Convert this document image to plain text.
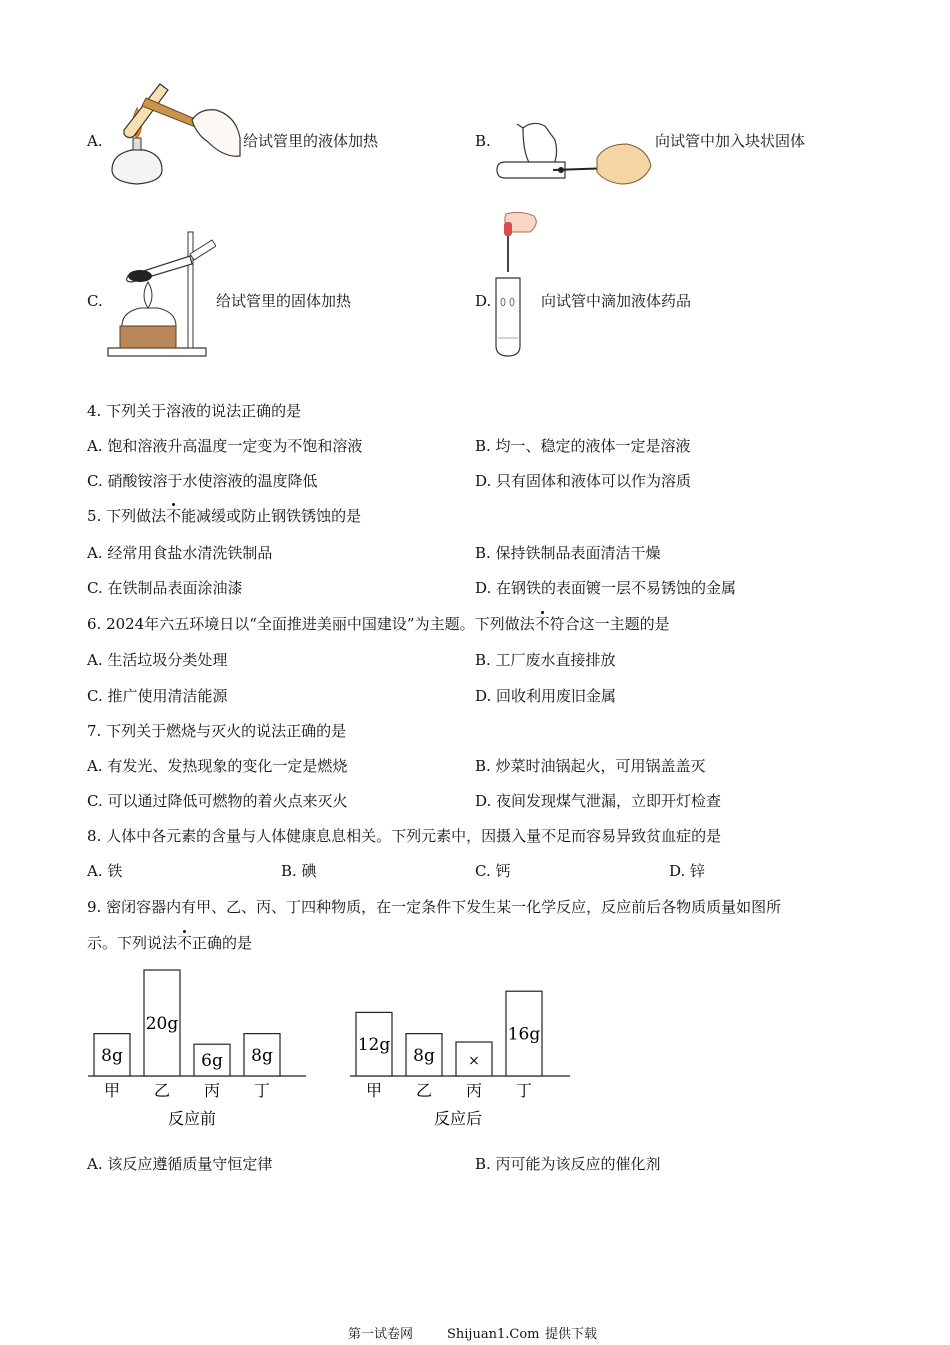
A.	给试管里的液体加热	B.	向试管中加入块状固体
C.	给试管里的固体加热	D.	向试管中滴加液体药品
4. 下列关于溶液的说法正确的是
A. 饱和溶液升高温度一定变为不饱和溶液	B. 均一、稳定的液体一定是溶液
C. 硝酸铵溶于水使溶液的温度降低	D. 只有固体和液体可以作为溶质
5. 下列做法不能减缓或防止钢铁锈蚀的是
A. 经常用食盐水清洗铁制品	B. 保持铁制品表面清洁干燥
C. 在铁制品表面涂油漆	D. 在钢铁的表面镀一层不易锈蚀的金属
6. 2024年六五环境日以“全面推进美丽中国建设”为主题。下列做法不符合这一主题的是
A. 生活垃圾分类处理	B. 工厂废水直接排放
C. 推广使用清洁能源	D. 回收利用废旧金属
7. 下列关于燃烧与灭火的说法正确的是
A. 有发光、发热现象的变化一定是燃烧	B. 炒菜时油锅起火，可用锅盖盖灭
C. 可以通过降低可燃物的着火点来灭火	D. 夜间发现煤气泄漏，立即开灯检查
8. 人体中各元素的含量与人体健康息息相关。下列元素中，因摄入量不足而容易异致贫血症的是
A. 铁	B. 碘	C. 钙	D. 锌
9. 密闭容器内有甲、乙、丙、丁四种物质，在一定条件下发生某一化学反应，反应前后各物质质量如图所
示。下列说法不正确的是
8g
甲
20g
乙
6g
丙
8g
丁
反应前
12g
甲
8g
乙
×
丙
16g
丁
反应后
A. 该反应遵循质量守恒定律	B. 丙可能为该反应的催化剂
第一试卷网	Shijuan1.Com 提供下载
